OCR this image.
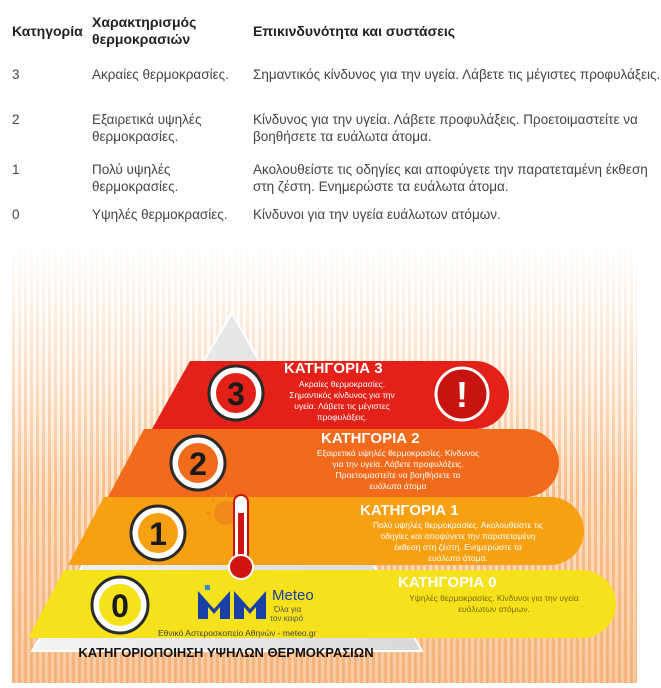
Κατηγορία	Χαρακτηρισμός θερμοκρασιών	Επικινδυνότητα και συστάσεις
3	Ακραίες θερμοκρασίες.	Σημαντικός κίνδυνος για την υγεία. Λάβετε τις μέγιστες προφυλάξεις.
2	Εξαιρετικά υψηλές θερμοκρασίες.	Κίνδυνος για την υγεία. Λάβετε προφυλάξεις. Προετοιμαστείτε να βοηθήσετε τα ευάλωτα άτομα.
1	Πολύ υψηλές θερμοκρασίες.	Ακολουθείστε τις οδηγίες και αποφύγετε την παρατεταμένη έκθεση στη ζέστη. Ενημερώστε τα ευάλωτα άτομα.
0	Υψηλές θερμοκρασίες.	Κίνδυνοι για την υγεία ευάλωτων ατόμων.
3
2
1
0
!
Meteo
Όλα για
τον καιρό
Εθνικό Αστεροσκοπείο Αθηνών - meteo.gr
ΚΑΤΗΓΟΡΙΑ 3
Ακραίες θερμοκρασίες.
Σημαντικός κίνδυνος για την
υγεία. Λάβετε τις μέγιστες
προφυλάξεις.
ΚΑΤΗΓΟΡΙΑ 2
Εξαιρετικά υψηλές θερμοκρασίες. Κίνδυνος
για την υγεία. Λάβετε προφυλάξεις.
Προετοιμαστείτε να βοηθήσετε τα
ευάλωτα άτομα
ΚΑΤΗΓΟΡΙΑ 1
Πολύ υψηλές θερμοκρασίες. Ακολουθείστε τις
οδηγίες και αποφύγετε την παρατεταμένη
έκθεση στη ζέστη. Ενημερώστε τα
ευάλωτα άτομα.
ΚΑΤΗΓΟΡΙΑ 0
Υψηλές θερμοκρασίες. Κίνδυνοι για την υγεία
ευάλωτων ατόμων.
ΚΑΤΗΓΟΡΙΟΠΟΙΗΣΗ ΥΨΗΛΩΝ ΘΕΡΜΟΚΡΑΣΙΩΝ
